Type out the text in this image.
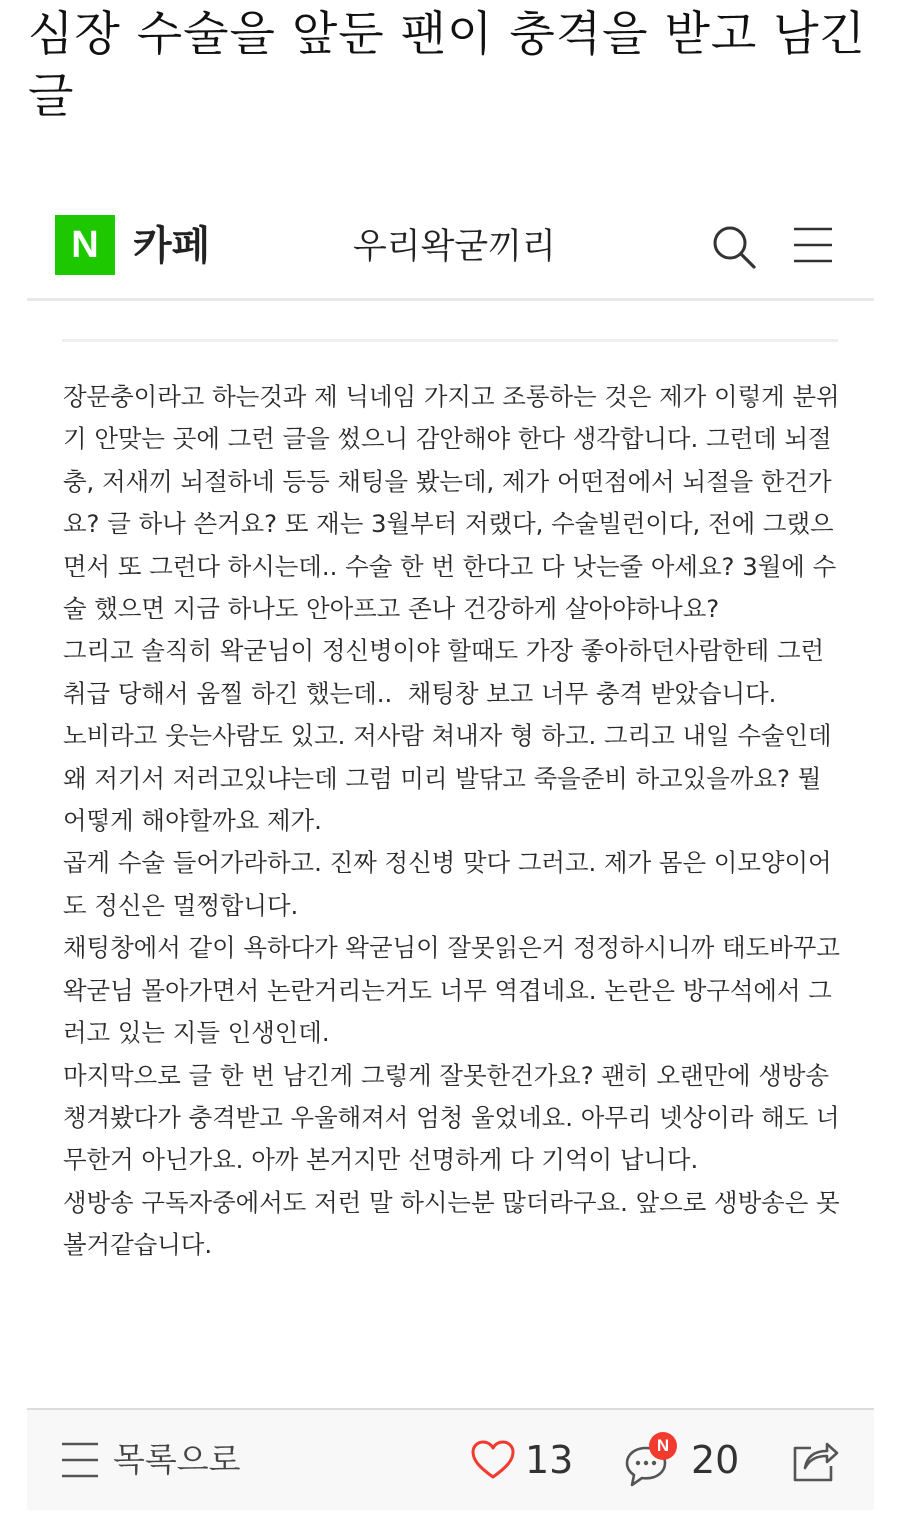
심장 수술을 앞둔 팬이 충격을 받고 남긴 글
N 카페	우리왁굳끼리

장문충이라고 하는것과 제 닉네임 가지고 조롱하는 것은 제가 이렇게 분위기 안맞는 곳에 그런 글을 썼으니 감안해야 한다 생각합니다. 그런데 뇌절충, 저새끼 뇌절하네 등등 채팅을 봤는데, 제가 어떤점에서 뇌절을 한건가요? 글 하나 쓴거요? 또 재는 3월부터 저랬다, 수술빌런이다, 전에 그랬으면서 또 그런다 하시는데.. 수술 한 번 한다고 다 낫는줄 아세요? 3월에 수술 했으면 지금 하나도 안아프고 존나 건강하게 살아야하나요?

그리고 솔직히 왁굳님이 정신병이야 할때도 가장 좋아하던사람한테 그런 취급 당해서 움찔 하긴 했는데..  채팅창 보고 너무 충격 받았습니다.

노비라고 웃는사람도 있고. 저사람 쳐내자 형 하고. 그리고 내일 수술인데 왜 저기서 저러고있냐는데 그럼 미리 발닦고 죽을준비 하고있을까요? 뭘 어떻게 해야할까요 제가.

곱게 수술 들어가라하고. 진짜 정신병 맞다 그러고. 제가 몸은 이모양이어도 정신은 멀쩡합니다.

채팅창에서 같이 욕하다가 왁굳님이 잘못읽은거 정정하시니까 태도바꾸고 왁굳님 몰아가면서 논란거리는거도 너무 역겹네요. 논란은 방구석에서 그러고 있는 지들 인생인데.

마지막으로 글 한 번 남긴게 그렇게 잘못한건가요? 괜히 오랜만에 생방송 챙겨봤다가 충격받고 우울해져서 엄청 울었네요. 아무리 넷상이라 해도 너무한거 아닌가요. 아까 본거지만 선명하게 다 기억이 납니다.

생방송 구독자중에서도 저런 말 하시는분 많더라구요. 앞으로 생방송은 못볼거같습니다.

목록으로	13	N 20
